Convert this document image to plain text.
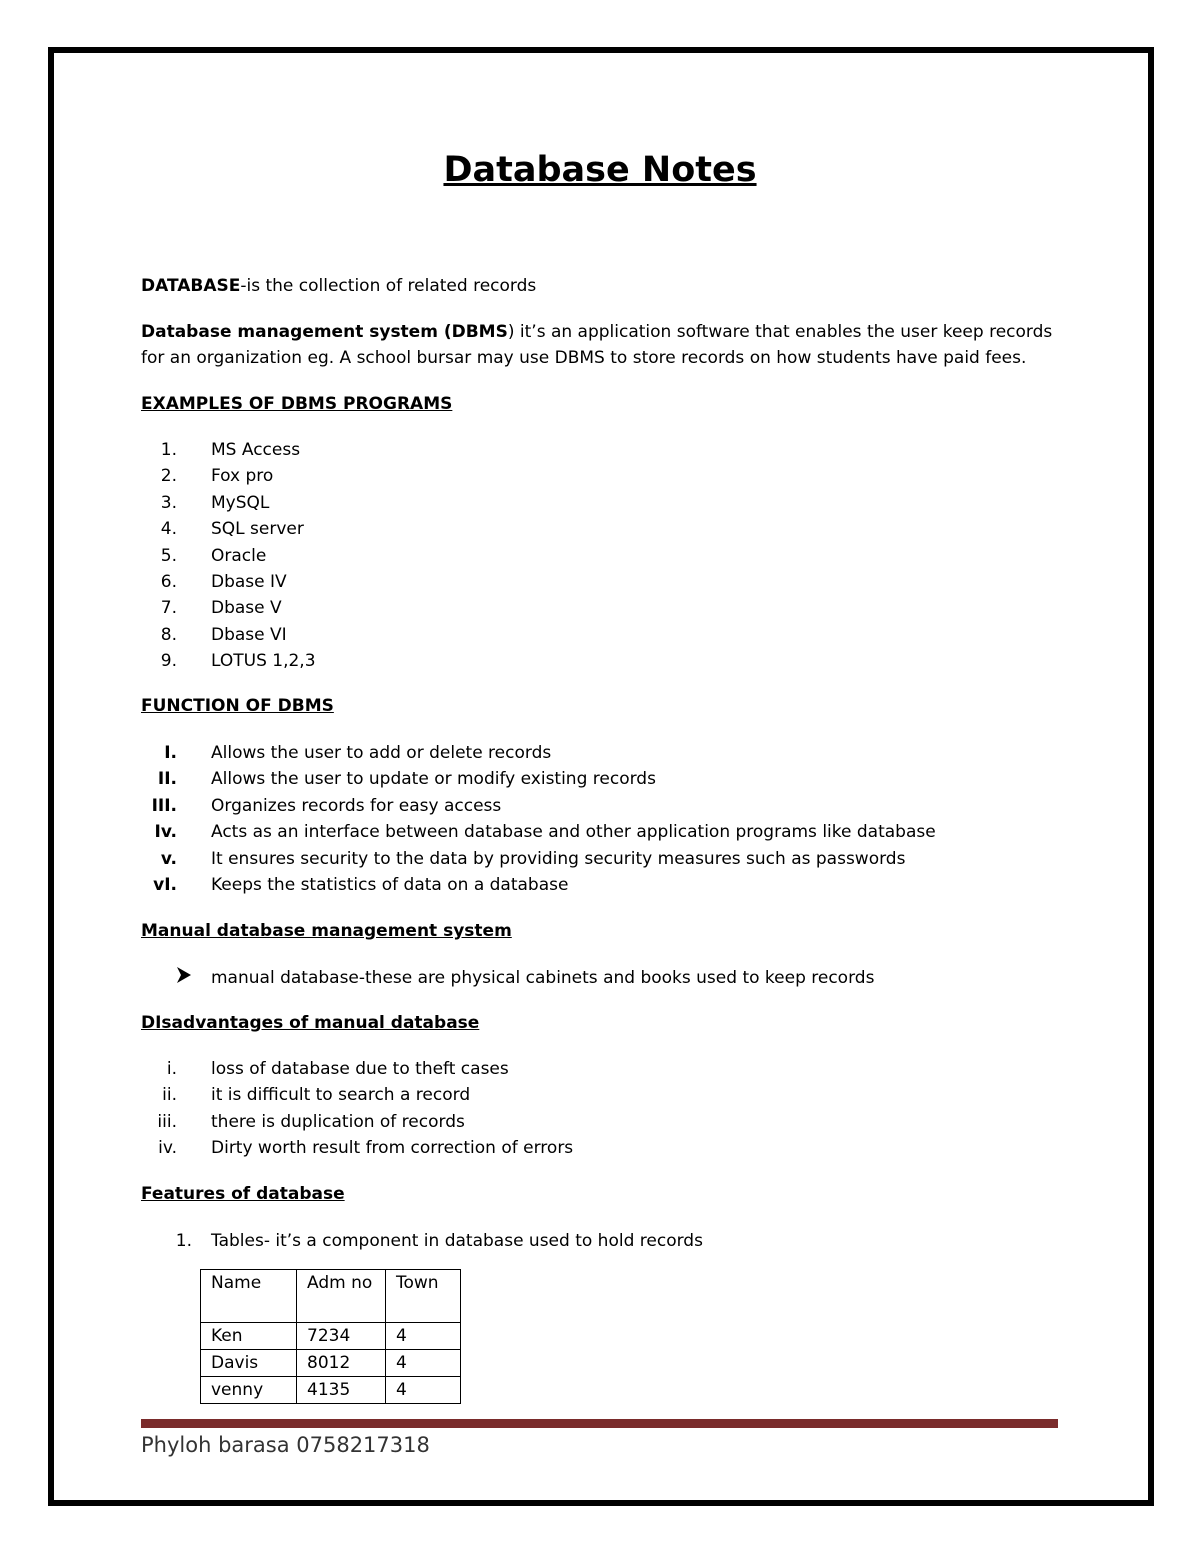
Database Notes
DATABASE-is the collection of related records
Database management system (DBMS) it’s an application software that enables the user keep records
for an organization eg. A school bursar may use DBMS to store records on how students have paid fees.
EXAMPLES OF DBMS PROGRAMS
1. MS Access
2. Fox pro
3. MySQL
4. SQL server
5. Oracle
6. Dbase IV
7. Dbase V
8. Dbase VI
9. LOTUS 1,2,3
FUNCTION OF DBMS
I. Allows the user to add or delete records
II. Allows the user to update or modify existing records
III. Organizes records for easy access
Iv. Acts as an interface between database and other application programs like database
v. It ensures security to the data by providing security measures such as passwords
vI. Keeps the statistics of data on a database
Manual database management system
manual database-these are physical cabinets and books used to keep records
DIsadvantages of manual database
i. loss of database due to theft cases
ii. it is difficult to search a record
iii. there is duplication of records
iv. Dirty worth result from correction of errors
Features of database
1. Tables- it’s a component in database used to hold records
Name	Adm no	Town
Ken	7234	4
Davis	8012	4
venny	4135	4
Phyloh barasa 0758217318
